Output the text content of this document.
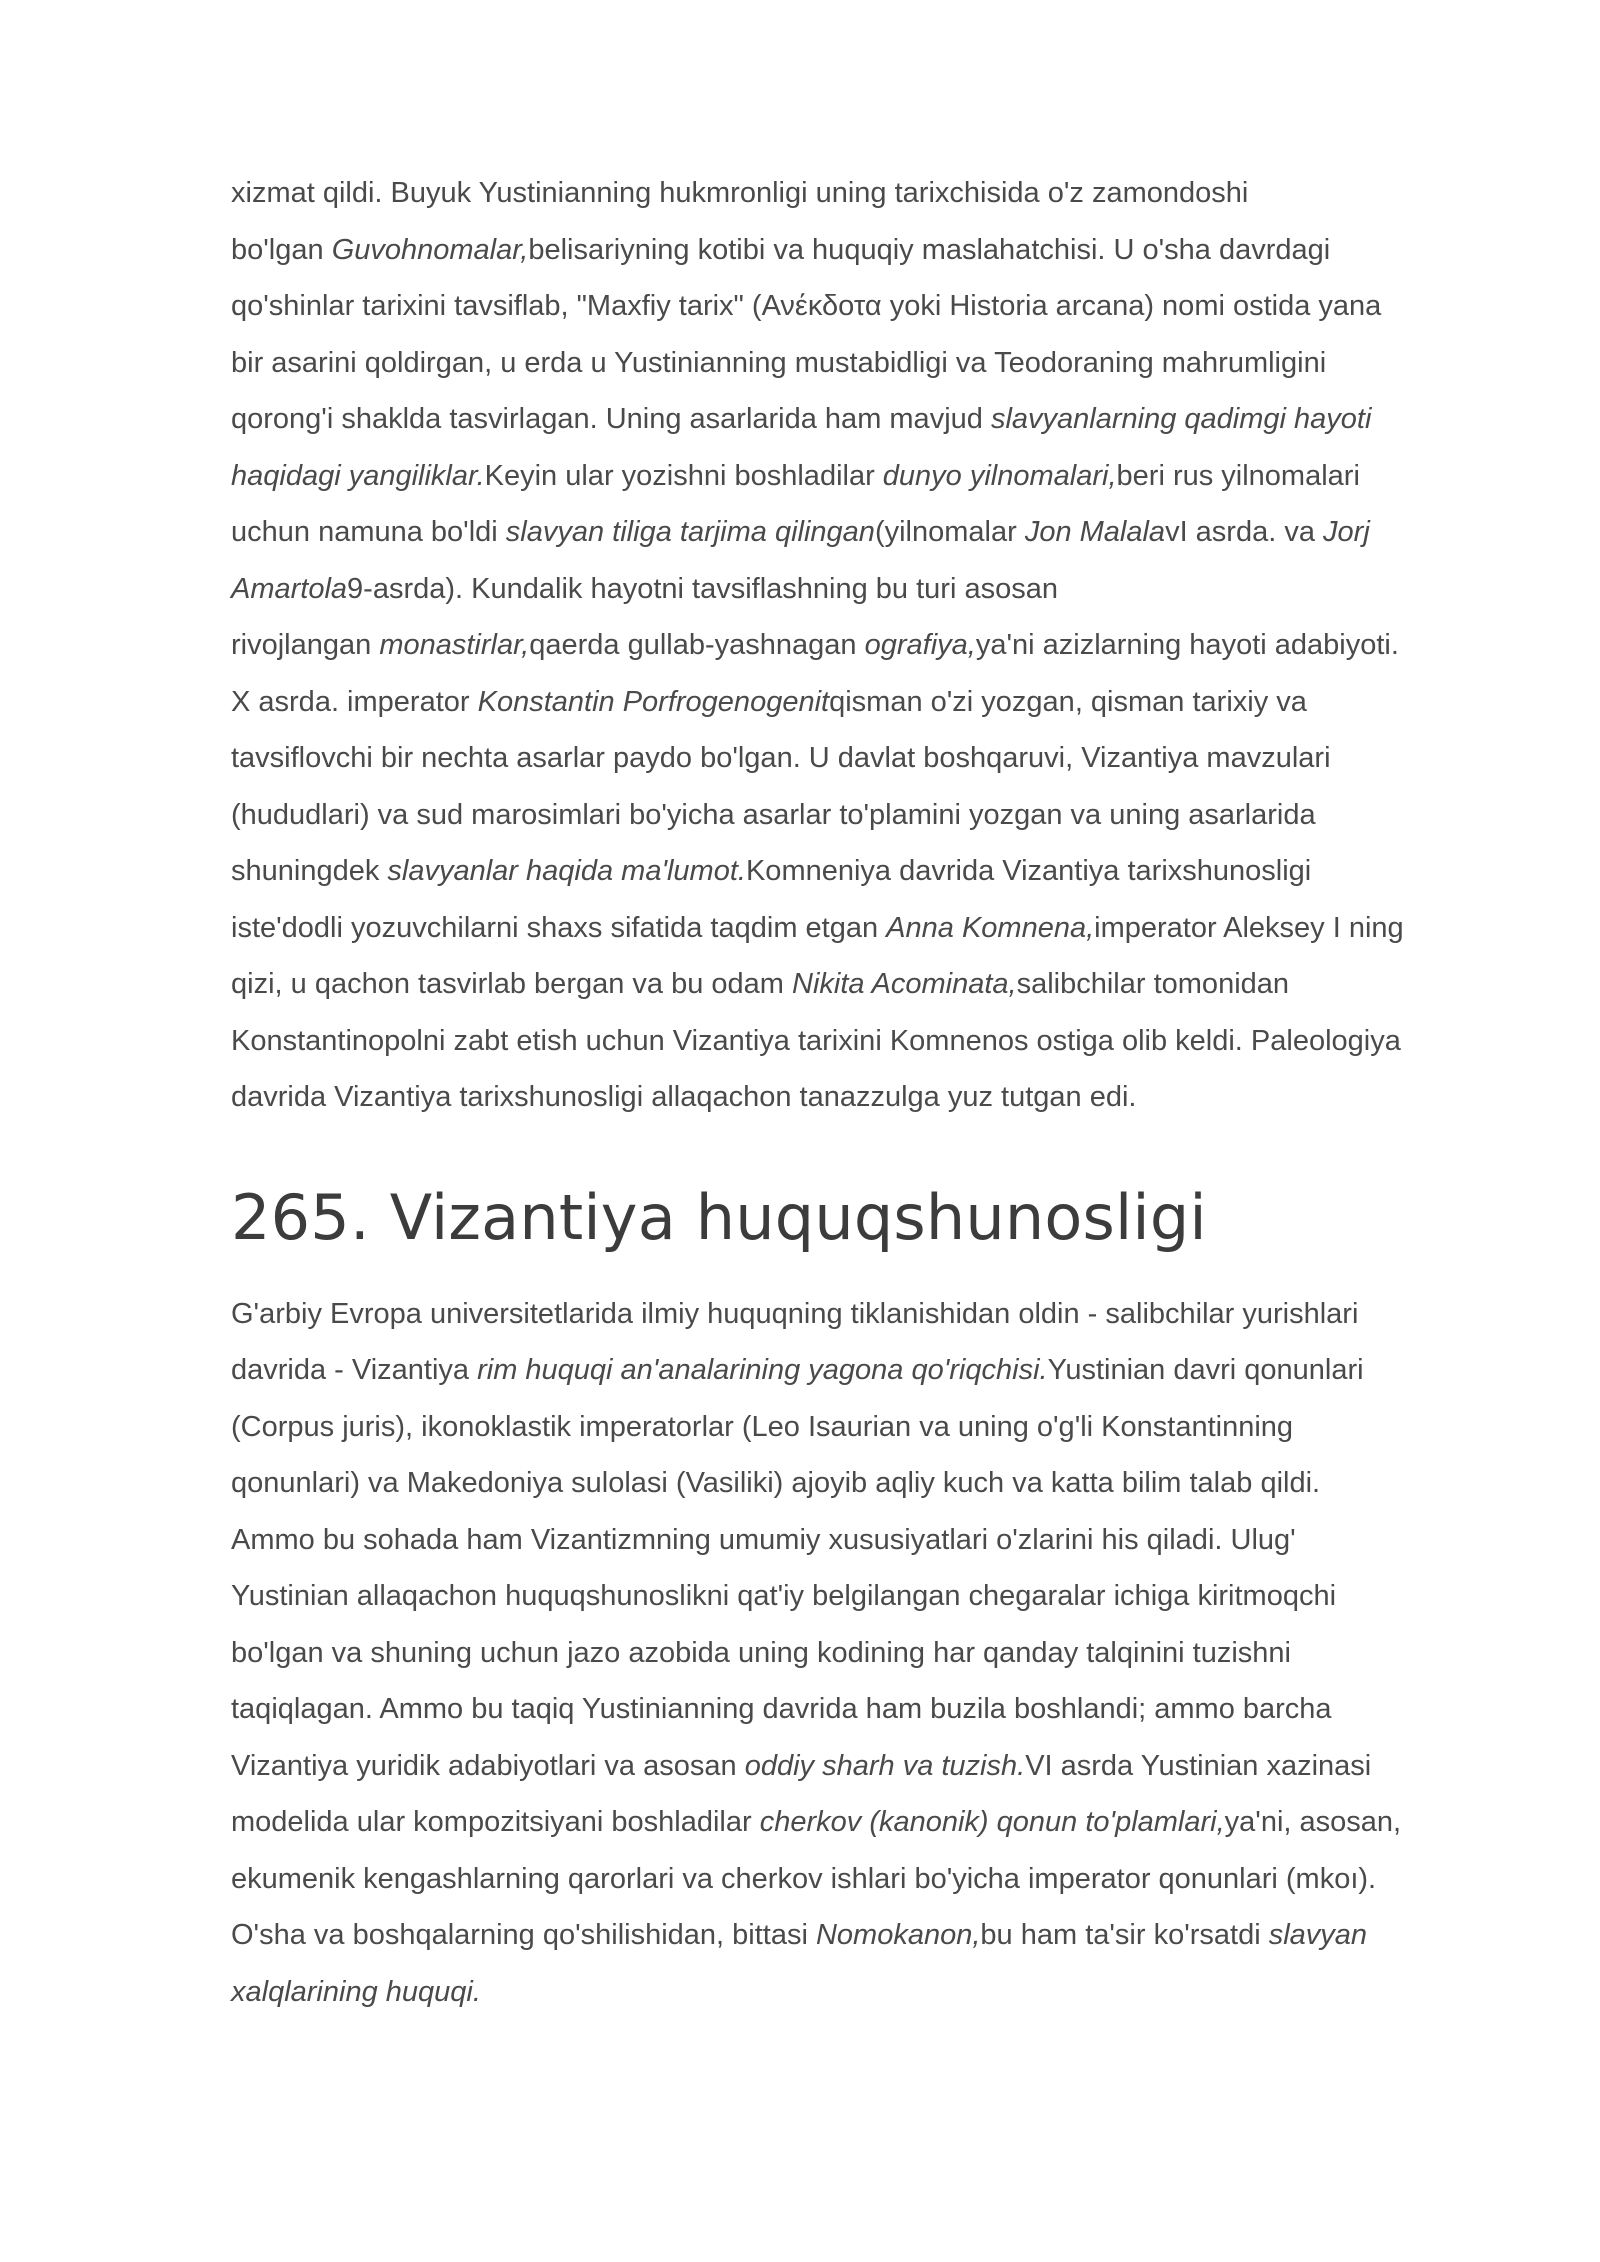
xizmat qildi. Buyuk Yustinianning hukmronligi uning tarixchisida o'z zamondoshi
bo'lgan Guvohnomalar,belisariyning kotibi va huquqiy maslahatchisi. U o'sha davrdagi
qo'shinlar tarixini tavsiflab, "Maxfiy tarix" (Ανέκδοτα yoki Historia arcana) nomi ostida yana
bir asarini qoldirgan, u erda u Yustinianning mustabidligi va Teodoraning mahrumligini
qorong'i shaklda tasvirlagan. Uning asarlarida ham mavjud slavyanlarning qadimgi hayoti
haqidagi yangiliklar.Keyin ular yozishni boshladilar dunyo yilnomalari,beri rus yilnomalari
uchun namuna bo'ldi slavyan tiliga tarjima qilingan(yilnomalar Jon MalalavI asrda. va Jorj
Amartola9-asrda). Kundalik hayotni tavsiflashning bu turi asosan
rivojlangan monastirlar,qaerda gullab-yashnagan ografiya,ya'ni azizlarning hayoti adabiyoti.
X asrda. imperator Konstantin Porfrogenogenitqisman o'zi yozgan, qisman tarixiy va
tavsiflovchi bir nechta asarlar paydo bo'lgan. U davlat boshqaruvi, Vizantiya mavzulari
(hududlari) va sud marosimlari bo'yicha asarlar to'plamini yozgan va uning asarlarida
shuningdek slavyanlar haqida ma'lumot.Komneniya davrida Vizantiya tarixshunosligi
iste'dodli yozuvchilarni shaxs sifatida taqdim etgan Anna Komnena,imperator Aleksey I ning
qizi, u qachon tasvirlab bergan va bu odam Nikita Acominata,salibchilar tomonidan
Konstantinopolni zabt etish uchun Vizantiya tarixini Komnenos ostiga olib keldi. Paleologiya
davrida Vizantiya tarixshunosligi allaqachon tanazzulga yuz tutgan edi.

265. Vizantiya huquqshunosligi

G'arbiy Evropa universitetlarida ilmiy huquqning tiklanishidan oldin - salibchilar yurishlari
davrida - Vizantiya rim huquqi an'analarining yagona qo'riqchisi.Yustinian davri qonunlari
(Corpus juris), ikonoklastik imperatorlar (Leo Isaurian va uning o'g'li Konstantinning
qonunlari) va Makedoniya sulolasi (Vasiliki) ajoyib aqliy kuch va katta bilim talab qildi.
Ammo bu sohada ham Vizantizmning umumiy xususiyatlari o'zlarini his qiladi. Ulug'
Yustinian allaqachon huquqshunoslikni qat'iy belgilangan chegaralar ichiga kiritmoqchi
bo'lgan va shuning uchun jazo azobida uning kodining har qanday talqinini tuzishni
taqiqlagan. Ammo bu taqiq Yustinianning davrida ham buzila boshlandi; ammo barcha
Vizantiya yuridik adabiyotlari va asosan oddiy sharh va tuzish.VI asrda Yustinian xazinasi
modelida ular kompozitsiyani boshladilar cherkov (kanonik) qonun to'plamlari,ya'ni, asosan,
ekumenik kengashlarning qarorlari va cherkov ishlari bo'yicha imperator qonunlari (mkoı).
O'sha va boshqalarning qo'shilishidan, bittasi Nomokanon,bu ham ta'sir ko'rsatdi slavyan
xalqlarining huquqi.
